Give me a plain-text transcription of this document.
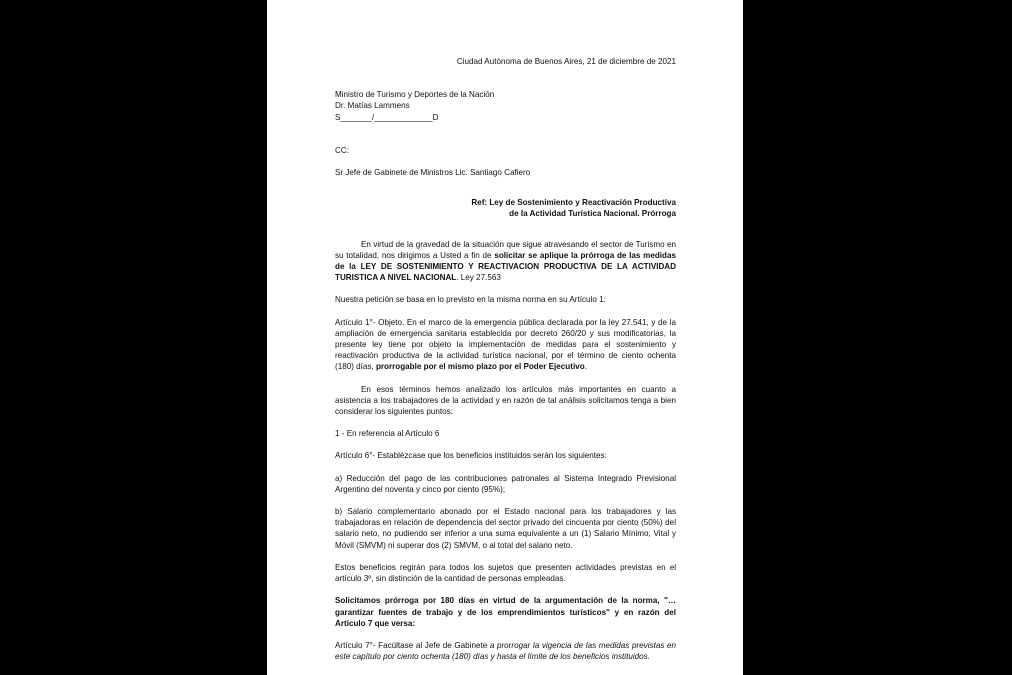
Ciudad Autónoma de Buenos Aires, 21 de diciembre de 2021

Ministro de Turismo y Deportes de la Nación

Dr. Matías Lammens

S_______/_____________D

CC:

Sr Jefe de Gabinete de Ministros Lic. Santiago Cafiero

Ref: Ley de Sostenimiento y Reactivación Productiva

de la Actividad Turística Nacional. Prórroga

En virtud de la gravedad de la situación que sigue atravesando el sector de Turismo en su totalidad, nos dirigimos a Usted a fin de solicitar se aplique la prórroga de las medidas de la LEY DE SOSTENIMIENTO Y REACTIVACION PRODUCTIVA DE LA ACTIVIDAD TURISTICA A NIVEL NACIONAL. Ley 27.563

Nuestra petición se basa en lo previsto en la misma norma en su Artículo 1:

Artículo 1°- Objeto. En el marco de la emergencia pública declarada por la ley 27.541, y de la ampliación de emergencia sanitaria establecida por decreto 260/20 y sus modificatorias, la presente ley tiene por objeto la implementación de medidas para el sostenimiento y reactivación productiva de la actividad turística nacional, por el término de ciento ochenta (180) días, prorrogable por el mismo plazo por el Poder Ejecutivo.

En esos términos hemos analizado los artículos más importantes en cuanto a asistencia a los trabajadores de la actividad y en razón de tal análisis solicitamos tenga a bien considerar los siguientes puntos:

1 - En referencia al Artículo 6

Artículo 6°- Establézcase que los beneficios instituidos serán los siguientes:

a) Reducción del pago de las contribuciones patronales al Sistema Integrado Previsional Argentino del noventa y cinco por ciento (95%);

b) Salario complementario abonado por el Estado nacional para los trabajadores y las trabajadoras en relación de dependencia del sector privado del cincuenta por ciento (50%) del salario neto, no pudiendo ser inferior a una suma equivalente a un (1) Salario Mínimo, Vital y Móvil (SMVM) ni superar dos (2) SMVM, o al total del salario neto.

Estos beneficios regirán para todos los sujetos que presenten actividades previstas en el artículo 3º, sin distinción de la cantidad de personas empleadas.

Solicitamos prórroga por 180 días en virtud de la argumentación de la norma, "… garantizar fuentes de trabajo y de los emprendimientos turísticos" y en razón del Artículo 7 que versa:

Artículo 7°- Facúltase al Jefe de Gabinete a prorrogar la vigencia de las medidas previstas en este capítulo por ciento ochenta (180) días y hasta el límite de los beneficios instituidos.
